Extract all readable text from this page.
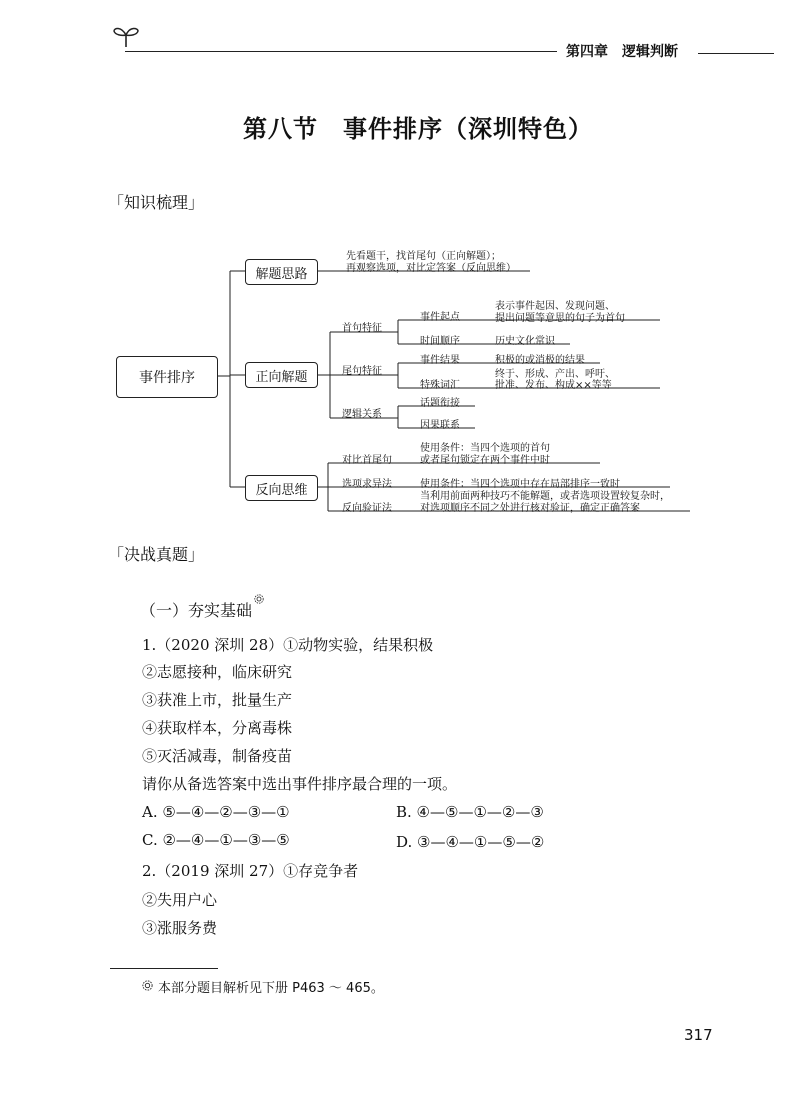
第四章　逻辑判断
第八节　事件排序（深圳特色）
「知识梳理」
事件排序
解题思路
正向解题
反向思维
先看题干，找首尾句（正向解题）；
再观察选项，对比定答案（反向思维）
首句特征
事件起点
表示事件起因、发现问题、
提出问题等意思的句子为首句
时间顺序	历史文化常识
尾句特征
事件结果	积极的或消极的结果
特殊词汇
终于、形成、产出、呼吁、
批准、发布、构成××等等
逻辑关系
话题衔接
因果联系
对比首尾句
使用条件：当四个选项的首句
或者尾句锁定在两个事件中时
选项求异法	使用条件：当四个选项中存在局部排序一致时
反向验证法
当利用前面两种技巧不能解题，或者选项设置较复杂时，
对选项顺序不同之处进行核对验证，确定正确答案
「决战真题」
（一）夯实基础
1.（2020 深圳 28）①动物实验，结果积极
②志愿接种，临床研究
③获准上市，批量生产
④获取样本，分离毒株
⑤灭活减毒，制备疫苗
请你从备选答案中选出事件排序最合理的一项。
A. ⑤—④—②—③—①	B. ④—⑤—①—②—③
C. ②—④—①—③—⑤	D. ③—④—①—⑤—②
2.（2019 深圳 27）①存竞争者
②失用户心
③涨服务费
本部分题目解析见下册 P463 ～ 465。
317
